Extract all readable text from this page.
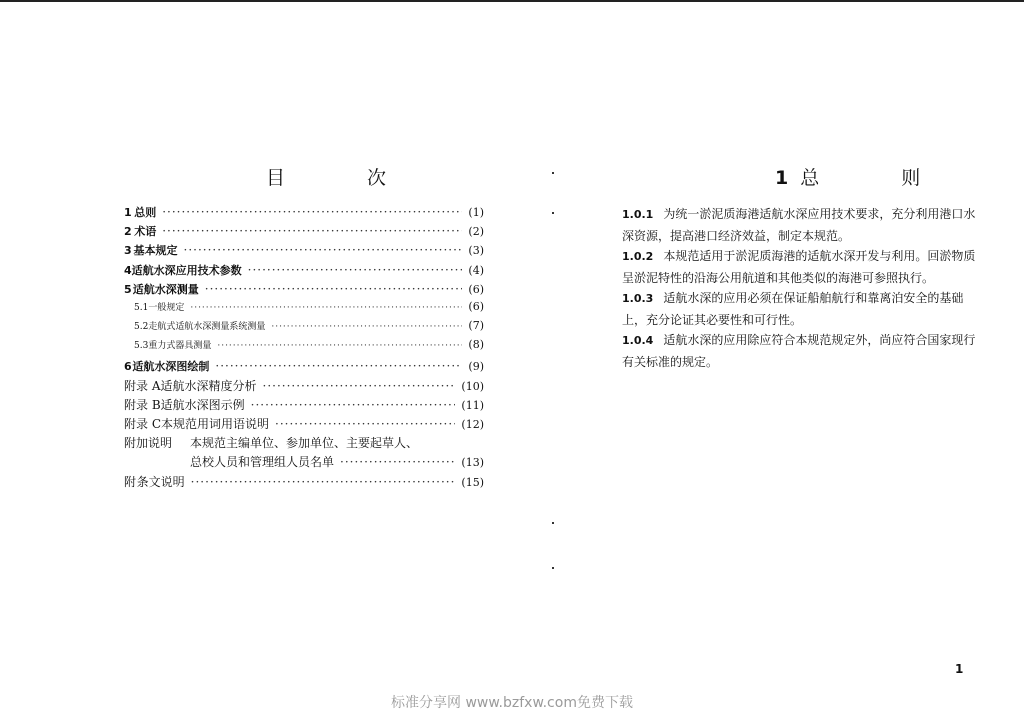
目 次
1 总则 ·····	(1)
2 术语 ·····	(2)
3 基本规定 ·····	(3)
4 适航水深应用技术参数 ·····	(4)
5 适航水深测量 ·····	(6)
5.1 一般规定 ·····	(6)
5.2 走航式适航水深测量系统测量 ·····	(7)
5.3 重力式器具测量 ·····	(8)
6 适航水深图绘制 ·····	(9)
附录 A 适航水深精度分析 ·····	(10)
附录 B 适航水深图示例 ·····	(11)
附录 C 本规范用词用语说明 ·····	(12)
附加说明	本规范主编单位、参加单位、主要起草人、
总校人员和管理组人员名单 ·····	(13)
附 条文说明 ·····	(15)
1 总 则
1.0.1 为统一淤泥质海港适航水深应用技术要求，充分利用港口水深资源，提高港口经济效益，制定本规范。
1.0.2 本规范适用于淤泥质海港的适航水深开发与利用。回淤物质呈淤泥特性的沿海公用航道和其他类似的海港可参照执行。
1.0.3 适航水深的应用必须在保证船舶航行和靠离泊安全的基础上，充分论证其必要性和可行性。
1.0.4 适航水深的应用除应符合本规范规定外，尚应符合国家现行有关标准的规定。
1
标准分享网 www.bzfxw.com免费下载
